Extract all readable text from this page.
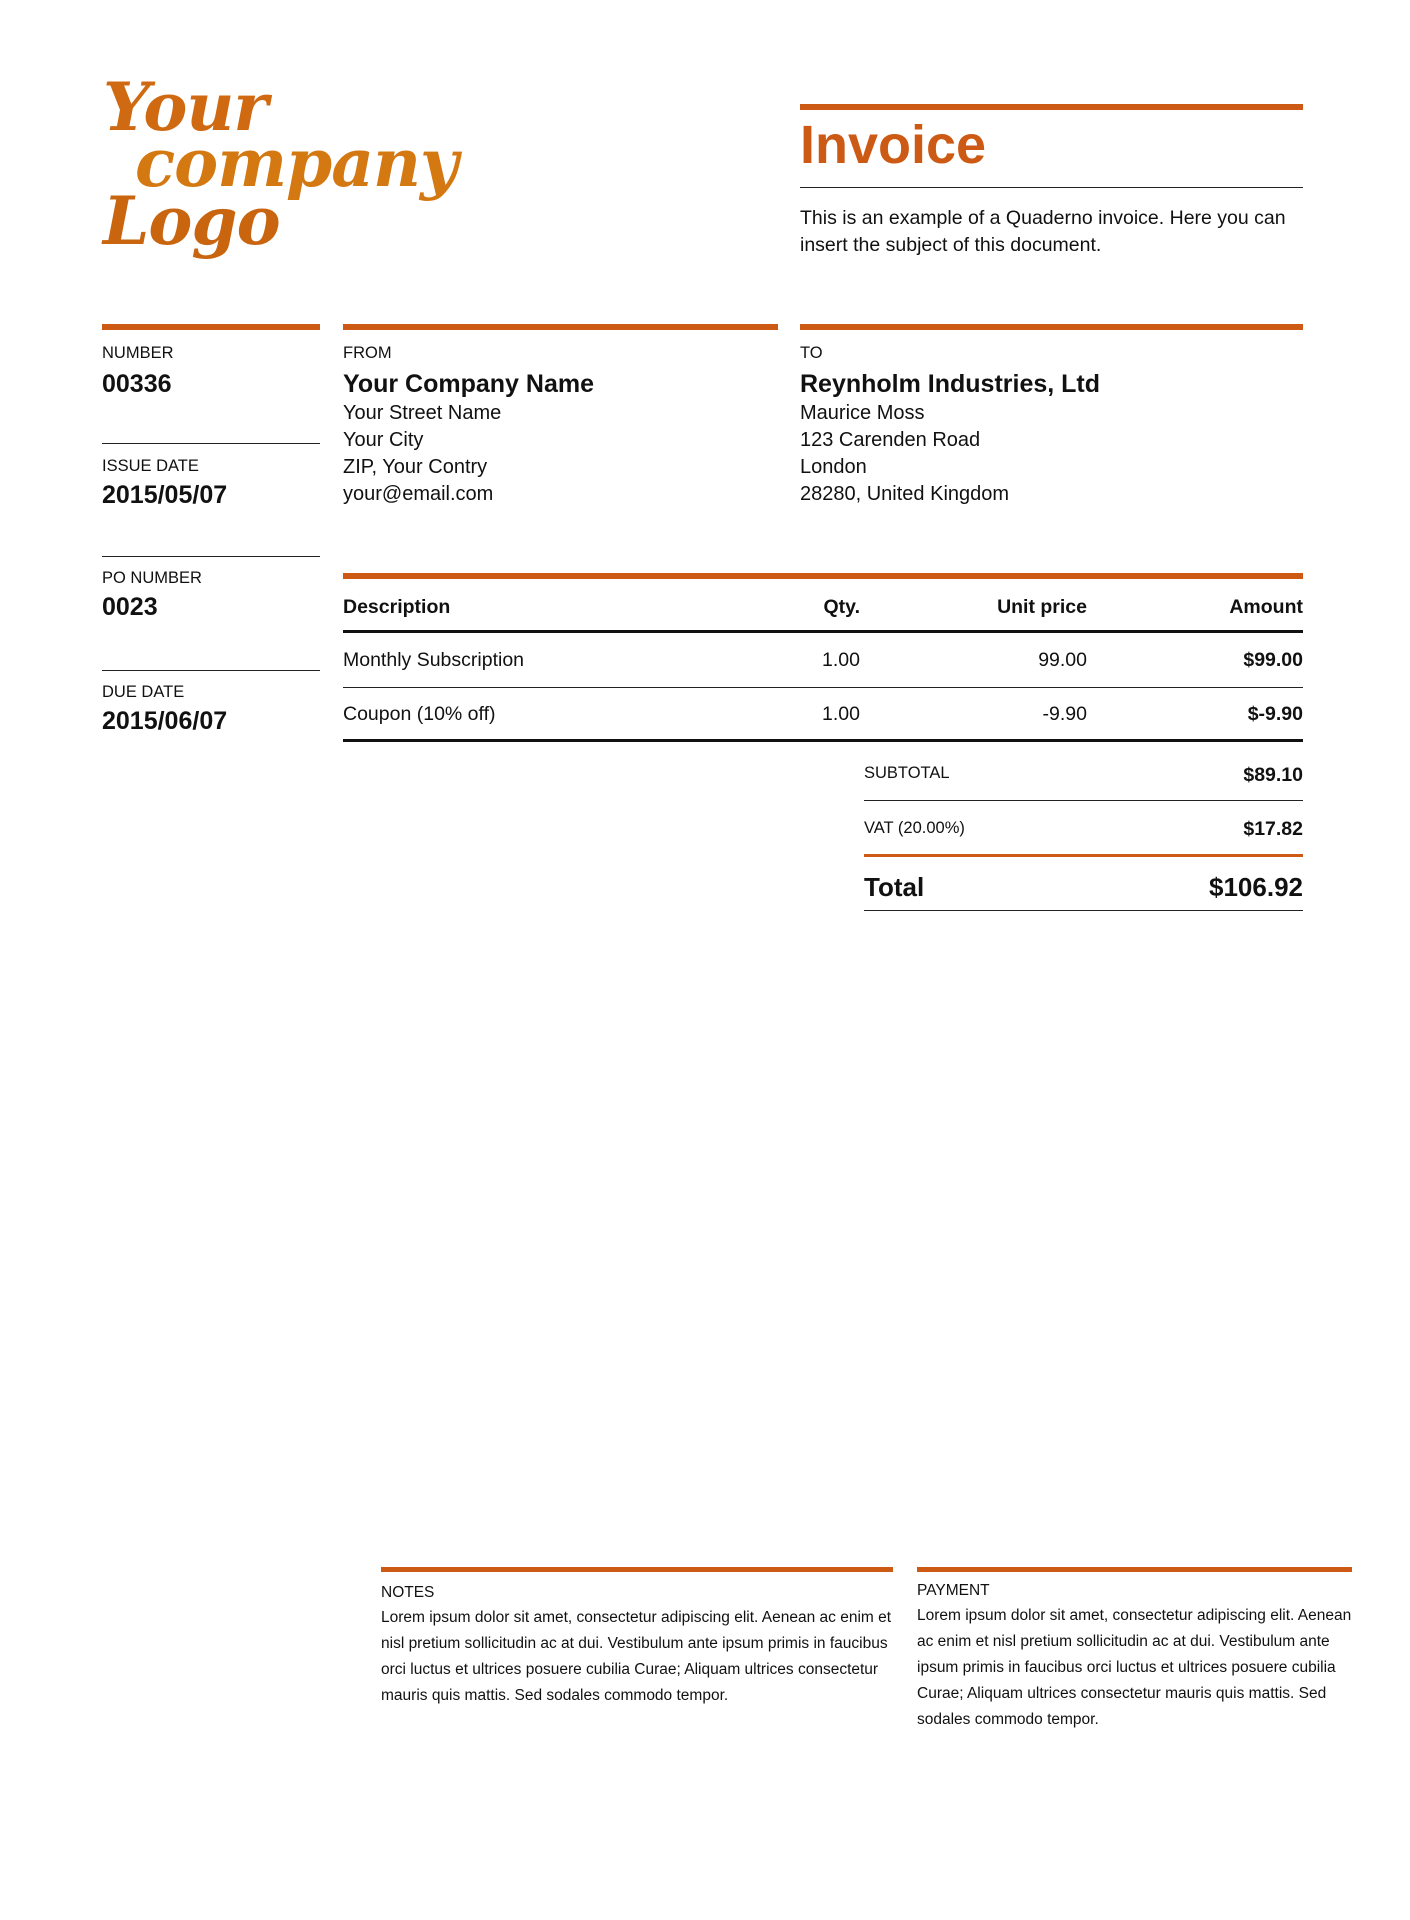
Your
company
Logo
Invoice
This is an example of a Quaderno invoice. Here you can insert the subject of this document.
NUMBER
00336
ISSUE DATE
2015/05/07
PO NUMBER
0023
DUE DATE
2015/06/07
FROM
Your Company Name
Your Street Name
Your City
ZIP, Your Contry
your@email.com
TO
Reynholm Industries, Ltd
Maurice Moss
123 Carenden Road
London
28280, United Kingdom
Description	Qty.	Unit price	Amount
Monthly Subscription	1.00	99.00	$99.00
Coupon (10% off)	1.00	-9.90	$-9.90
SUBTOTAL	$89.10
VAT (20.00%)	$17.82
Total	$106.92
NOTES
Lorem ipsum dolor sit amet, consectetur adipiscing elit. Aenean ac enim et nisl pretium sollicitudin ac at dui. Vestibulum ante ipsum primis in faucibus orci luctus et ultrices posuere cubilia Curae; Aliquam ultrices consectetur mauris quis mattis. Sed sodales commodo tempor.
PAYMENT
Lorem ipsum dolor sit amet, consectetur adipiscing elit. Aenean ac enim et nisl pretium sollicitudin ac at dui. Vestibulum ante ipsum primis in faucibus orci luctus et ultrices posuere cubilia Curae; Aliquam ultrices consectetur mauris quis mattis. Sed sodales commodo tempor.
